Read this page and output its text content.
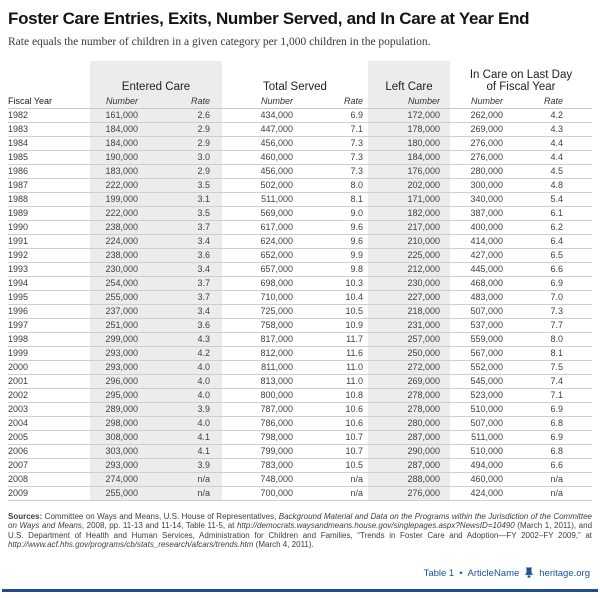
Foster Care Entries, Exits, Number Served, and In Care at Year End
Rate equals the number of children in a given category per 1,000 children in the population.
	Entered Care		Total Served		Left Care	In Care on Last Day of Fiscal Year	
Fiscal Year	Number	Rate	Number	Rate	Number	Number	Rate
1982	161,000	2.6	434,000	6.9	172,000	262,000	4.2
1983	184,000	2.9	447,000	7.1	178,000	269,000	4.3
1984	184,000	2.9	456,000	7.3	180,000	276,000	4.4
1985	190,000	3.0	460,000	7.3	184,000	276,000	4.4
1986	183,000	2.9	456,000	7.3	176,000	280,000	4.5
1987	222,000	3.5	502,000	8.0	202,000	300,000	4.8
1988	199,000	3.1	511,000	8.1	171,000	340,000	5.4
1989	222,000	3.5	569,000	9.0	182,000	387,000	6.1
1990	238,000	3.7	617,000	9.6	217,000	400,000	6.2
1991	224,000	3.4	624,000	9.6	210,000	414,000	6.4
1992	238,000	3.6	652,000	9.9	225,000	427,000	6.5
1993	230,000	3.4	657,000	9.8	212,000	445,000	6.6
1994	254,000	3.7	698,000	10.3	230,000	468,000	6.9
1995	255,000	3.7	710,000	10.4	227,000	483,000	7.0
1996	237,000	3.4	725,000	10.5	218,000	507,000	7.3
1997	251,000	3.6	758,000	10.9	231,000	537,000	7.7
1998	299,000	4.3	817,000	11.7	257,000	559,000	8.0
1999	293,000	4.2	812,000	11.6	250,000	567,000	8.1
2000	293,000	4.0	811,000	11.0	272,000	552,000	7.5
2001	296,000	4.0	813,000	11.0	269,000	545,000	7.4
2002	295,000	4.0	800,000	10.8	278,000	523,000	7.1
2003	289,000	3.9	787,000	10.6	278,000	510,000	6.9
2004	298,000	4.0	786,000	10.6	280,000	507,000	6.8
2005	308,000	4.1	798,000	10.7	287,000	511,000	6.9
2006	303,000	4.1	799,000	10.7	290,000	510,000	6.8
2007	293,000	3.9	783,000	10.5	287,000	494,000	6.6
2008	274,000	n/a	748,000	n/a	288,000	460,000	n/a
2009	255,000	n/a	700,000	n/a	276,000	424,000	n/a

Sources: Committee on Ways and Means, U.S. House of Representatives, Background Material and Data on the Programs within the Jurisdiction of the Committee on Ways and Means, 2008, pp. 11-13 and 11-14, Table 11-5, at http://democrats.waysandmeans.house.gov/singlepages.aspx?NewsID=10490 (March 1, 2011), and U.S. Department of Health and Human Services, Administration for Children and Families, “Trends in Foster Care and Adoption—FY 2002–FY 2009,” at http://www.acf.hhs.gov/programs/cb/stats_research/afcars/trends.htm (March 4, 2011).

Table 1 • ArticleName heritage.org
